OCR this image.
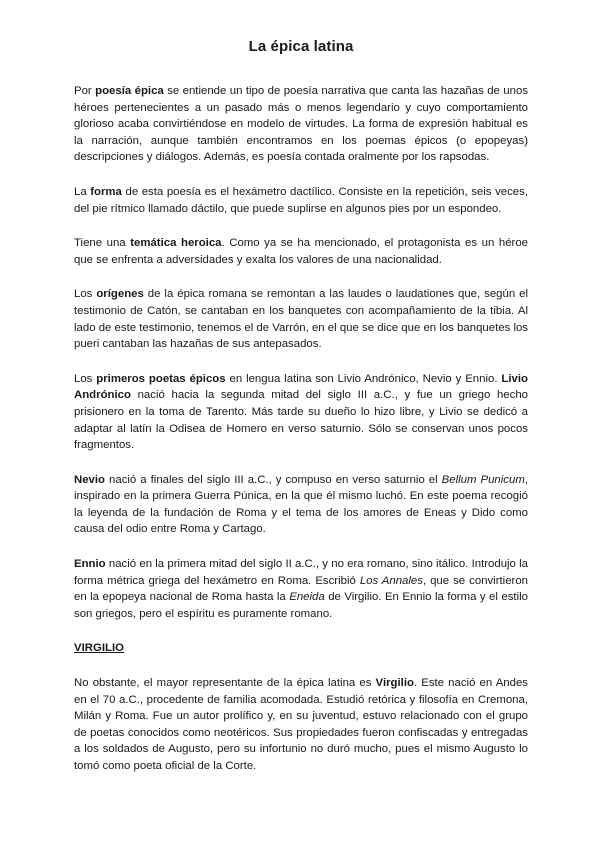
La épica latina

Por poesía épica se entiende un tipo de poesía narrativa que canta las hazañas de unos héroes pertenecientes a un pasado más o menos legendario y cuyo comportamiento glorioso acaba convirtiéndose en modelo de virtudes. La forma de expresión habitual es la narración, aunque también encontramos en los poemas épicos (o epopeyas) descripciones y diálogos. Además, es poesía contada oralmente por los rapsodas.

La forma de esta poesía es el hexámetro dactílico. Consiste en la repetición, seis veces, del pie rítmico llamado dáctilo, que puede suplirse en algunos pies por un espondeo.

Tiene una temática heroica. Como ya se ha mencionado, el protagonista es un héroe que se enfrenta a adversidades y exalta los valores de una nacionalidad.

Los orígenes de la épica romana se remontan a las laudes o laudationes que, según el testimonio de Catón, se cantaban en los banquetes con acompañamiento de la tibia. Al lado de este testimonio, tenemos el de Varrón, en el que se dice que en los banquetes los pueri cantaban las hazañas de sus antepasados.

Los primeros poetas épicos en lengua latina son Livio Andrónico, Nevio y Ennio. Livio Andrónico nació hacia la segunda mitad del siglo III a.C., y fue un griego hecho prisionero en la toma de Tarento. Más tarde su dueño lo hizo libre, y Livio se dedicó a adaptar al latín la Odisea de Homero en verso saturnio. Sólo se conservan unos pocos fragmentos.

Nevio nació a finales del siglo III a.C., y compuso en verso saturnio el Bellum Punicum, inspirado en la primera Guerra Púnica, en la que él mismo luchó. En este poema recogió la leyenda de la fundación de Roma y el tema de los amores de Eneas y Dido como causa del odio entre Roma y Cartago.

Ennio nació en la primera mitad del siglo II a.C., y no era romano, sino itálico. Introdujo la forma métrica griega del hexámetro en Roma. Escribió Los Annales, que se convirtieron en la epopeya nacional de Roma hasta la Eneida de Virgilio. En Ennio la forma y el estilo son griegos, pero el espíritu es puramente romano.

VIRGILIO

No obstante, el mayor representante de la épica latina es Virgilio. Este nació en Andes en el 70 a.C., procedente de familia acomodada. Estudió retórica y filosofía en Cremona, Milán y Roma. Fue un autor prolífico y, en su juventud, estuvo relacionado con el grupo de poetas conocidos como neotéricos. Sus propiedades fueron confiscadas y entregadas a los soldados de Augusto, pero su infortunio no duró mucho, pues el mismo Augusto lo tomó como poeta oficial de la Corte.
